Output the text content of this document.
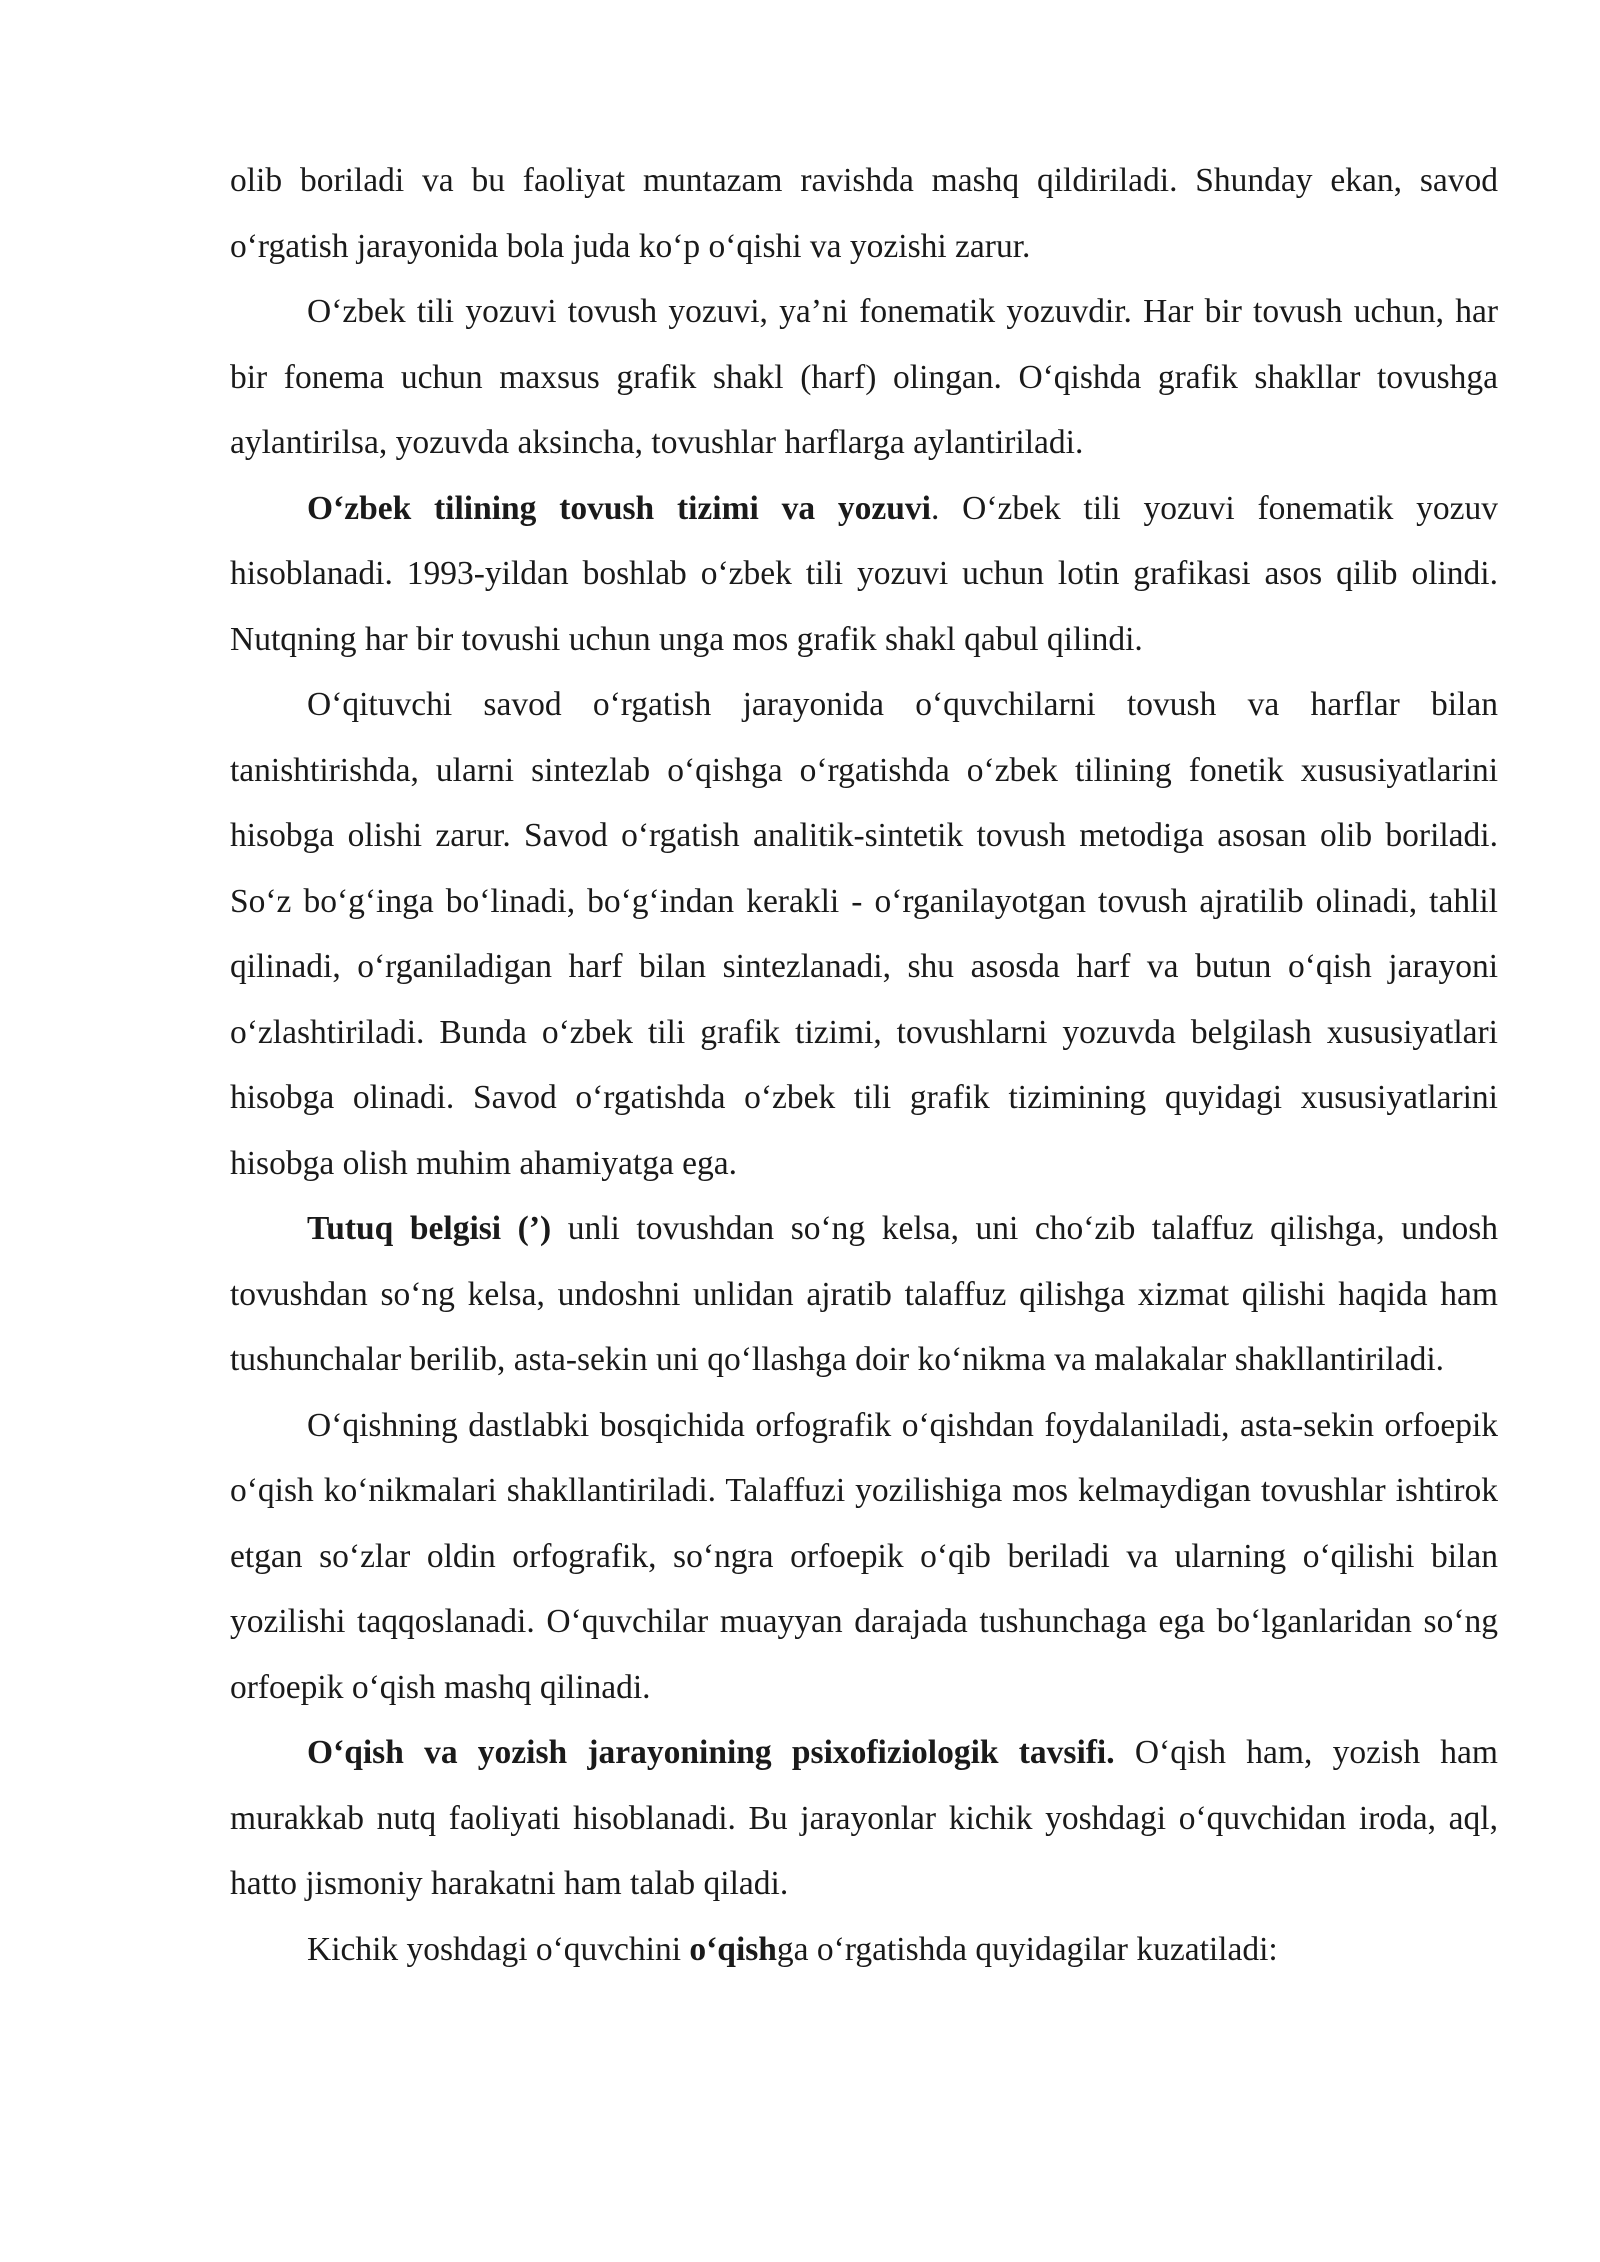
olib boriladi va bu faoliyat muntazam ravishda mashq qildiriladi. Shunday ekan, savod oʻrgatish jarayonida bola juda koʻp oʻqishi va yozishi zarur.

Oʻzbek tili yozuvi tovush yozuvi, ya’ni fonematik yozuvdir. Har bir tovush uchun, har bir fonema uchun maxsus grafik shakl (harf) olingan. Oʻqishda grafik shakllar tovushga aylantirilsa, yozuvda aksincha, tovushlar harflarga aylantiriladi.

Oʻzbek tilining tovush tizimi va yozuvi. Oʻzbek tili yozuvi fonematik yozuv hisoblanadi. 1993-yildan boshlab oʻzbek tili yozuvi uchun lotin grafikasi asos qilib olindi. Nutqning har bir tovushi uchun unga mos grafik shakl qabul qilindi.

Oʻqituvchi savod oʻrgatish jarayonida oʻquvchilarni tovush va harflar bilan tanishtirishda, ularni sintezlab oʻqishga oʻrgatishda oʻzbek tilining fonetik xususiyatlarini hisobga olishi zarur. Savod oʻrgatish analitik-sintetik tovush metodiga asosan olib boriladi. Soʻz boʻgʻinga boʻlinadi, boʻgʻindan kerakli - oʻrganilayotgan tovush ajratilib olinadi, tahlil qilinadi, oʻrganiladigan harf bilan sintezlanadi, shu asosda harf va butun oʻqish jarayoni oʻzlashtiriladi. Bunda oʻzbek tili grafik tizimi, tovushlarni yozuvda belgilash xususiyatlari hisobga olinadi. Savod oʻrgatishda oʻzbek tili grafik tizimining quyidagi xususiyatlarini hisobga olish muhim ahamiyatga ega.

Tutuq belgisi (’) unli tovushdan soʻng kelsa, uni choʻzib talaffuz qilishga, undosh tovushdan soʻng kelsa, undoshni unlidan ajratib talaffuz qilishga xizmat qilishi haqida ham tushunchalar berilib, asta-sekin uni qoʻllashga doir koʻnikma va malakalar shakllantiriladi.

Oʻqishning dastlabki bosqichida orfografik oʻqishdan foydalaniladi, asta-sekin orfoepik oʻqish koʻnikmalari shakllantiriladi. Talaffuzi yozilishiga mos kelmaydigan tovushlar ishtirok etgan soʻzlar oldin orfografik, soʻngra orfoepik oʻqib beriladi va ularning oʻqilishi bilan yozilishi taqqoslanadi. Oʻquvchilar muayyan darajada tushunchaga ega boʻlganlaridan soʻng orfoepik oʻqish mashq qilinadi.

Oʻqish va yozish jarayonining psixofiziologik tavsifi. Oʻqish ham, yozish ham murakkab nutq faoliyati hisoblanadi. Bu jarayonlar kichik yoshdagi oʻquvchidan iroda, aql, hatto jismoniy harakatni ham talab qiladi.

Kichik yoshdagi oʻquvchini oʻqishga oʻrgatishda quyidagilar kuzatiladi:
